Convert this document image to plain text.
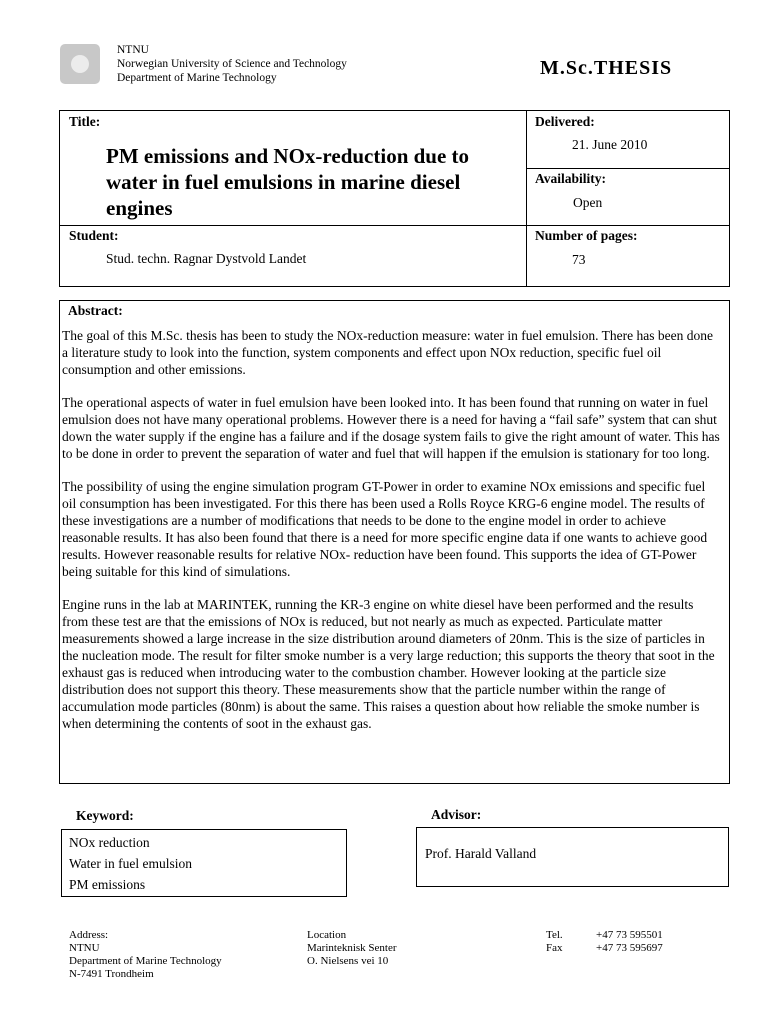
NTNU
Norwegian University of Science and Technology
Department of Marine Technology	M.Sc.THESIS
Title:
PM emissions and NOx-reduction due to water in fuel emulsions in marine diesel engines
Delivered:
21. June 2010
Availability:
Open
Student:
Stud. techn. Ragnar Dystvold Landet
Number of pages:
73
Abstract:

The goal of this M.Sc. thesis has been to study the NOx-reduction measure: water in fuel emulsion. There has been done a literature study to look into the function, system components and effect upon NOx reduction, specific fuel oil consumption and other emissions.

The operational aspects of water in fuel emulsion have been looked into. It has been found that running on water in fuel emulsion does not have many operational problems. However there is a need for having a “fail safe” system that can shut down the water supply if the engine has a failure and if the dosage system fails to give the right amount of water. This has to be done in order to prevent the separation of water and fuel that will happen if the emulsion is stationary for too long.

The possibility of using the engine simulation program GT-Power in order to examine NOx emissions and specific fuel oil consumption has been investigated. For this there has been used a Rolls Royce KRG-6 engine model. The results of these investigations are a number of modifications that needs to be done to the engine model in order to achieve reasonable results. It has also been found that there is a need for more specific engine data if one wants to achieve good results. However reasonable results for relative NOx- reduction have been found. This supports the idea of GT-Power being suitable for this kind of simulations.

Engine runs in the lab at MARINTEK, running the KR-3 engine on white diesel have been performed and the results from these test are that the emissions of NOx is reduced, but not nearly as much as expected. Particulate matter measurements showed a large increase in the size distribution around diameters of 20nm. This is the size of particles in the nucleation mode. The result for filter smoke number is a very large reduction; this supports the theory that soot in the exhaust gas is reduced when introducing water to the combustion chamber. However looking at the particle size distribution does not support this theory. These measurements show that the particle number within the range of accumulation mode particles (80nm) is about the same. This raises a question about how reliable the smoke number is when determining the contents of soot in the exhaust gas.

Keyword:
NOx reduction
Water in fuel emulsion
PM emissions
Advisor:
Prof. Harald Valland
Address:
NTNU
Department of Marine Technology
N-7491 Trondheim
Location
Marinteknisk Senter
O. Nielsens vei 10
Tel.	+47 73 595501
Fax	+47 73 595697
